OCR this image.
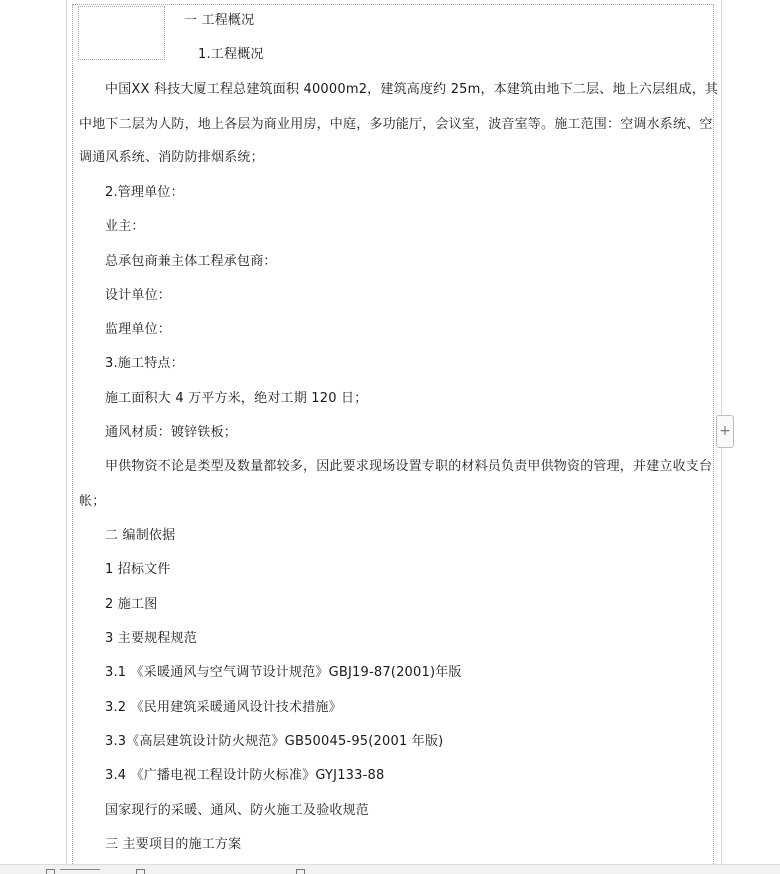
一 工程概况
1.工程概况
中国XX 科技大厦工程总建筑面积 40000m2，建筑高度约 25m，本建筑由地下二层、地上六层组成，其
中地下二层为人防，地上各层为商业用房，中庭，多功能厅，会议室，波音室等。施工范围：空调水系统、空
调通风系统、消防防排烟系统；
2.管理单位：
业主：
总承包商兼主体工程承包商：
设计单位：
监理单位：
3.施工特点：
施工面积大 4 万平方米，绝对工期 120 日；
通风材质：镀锌铁板；
甲供物资不论是类型及数量都较多，因此要求现场设置专职的材料员负责甲供物资的管理，并建立收支台
帐；
二 编制依据
1 招标文件
2 施工图
3 主要规程规范
3.1 《采暖通风与空气调节设计规范》GBJ19-87(2001)年版
3.2 《民用建筑采暖通风设计技术措施》
3.3《高层建筑设计防火规范》GB50045-95(2001 年版)
3.4 《广播电视工程设计防火标准》GYJ133-88
国家现行的采暖、通风、防火施工及验收规范
三 主要项目的施工方案
+
